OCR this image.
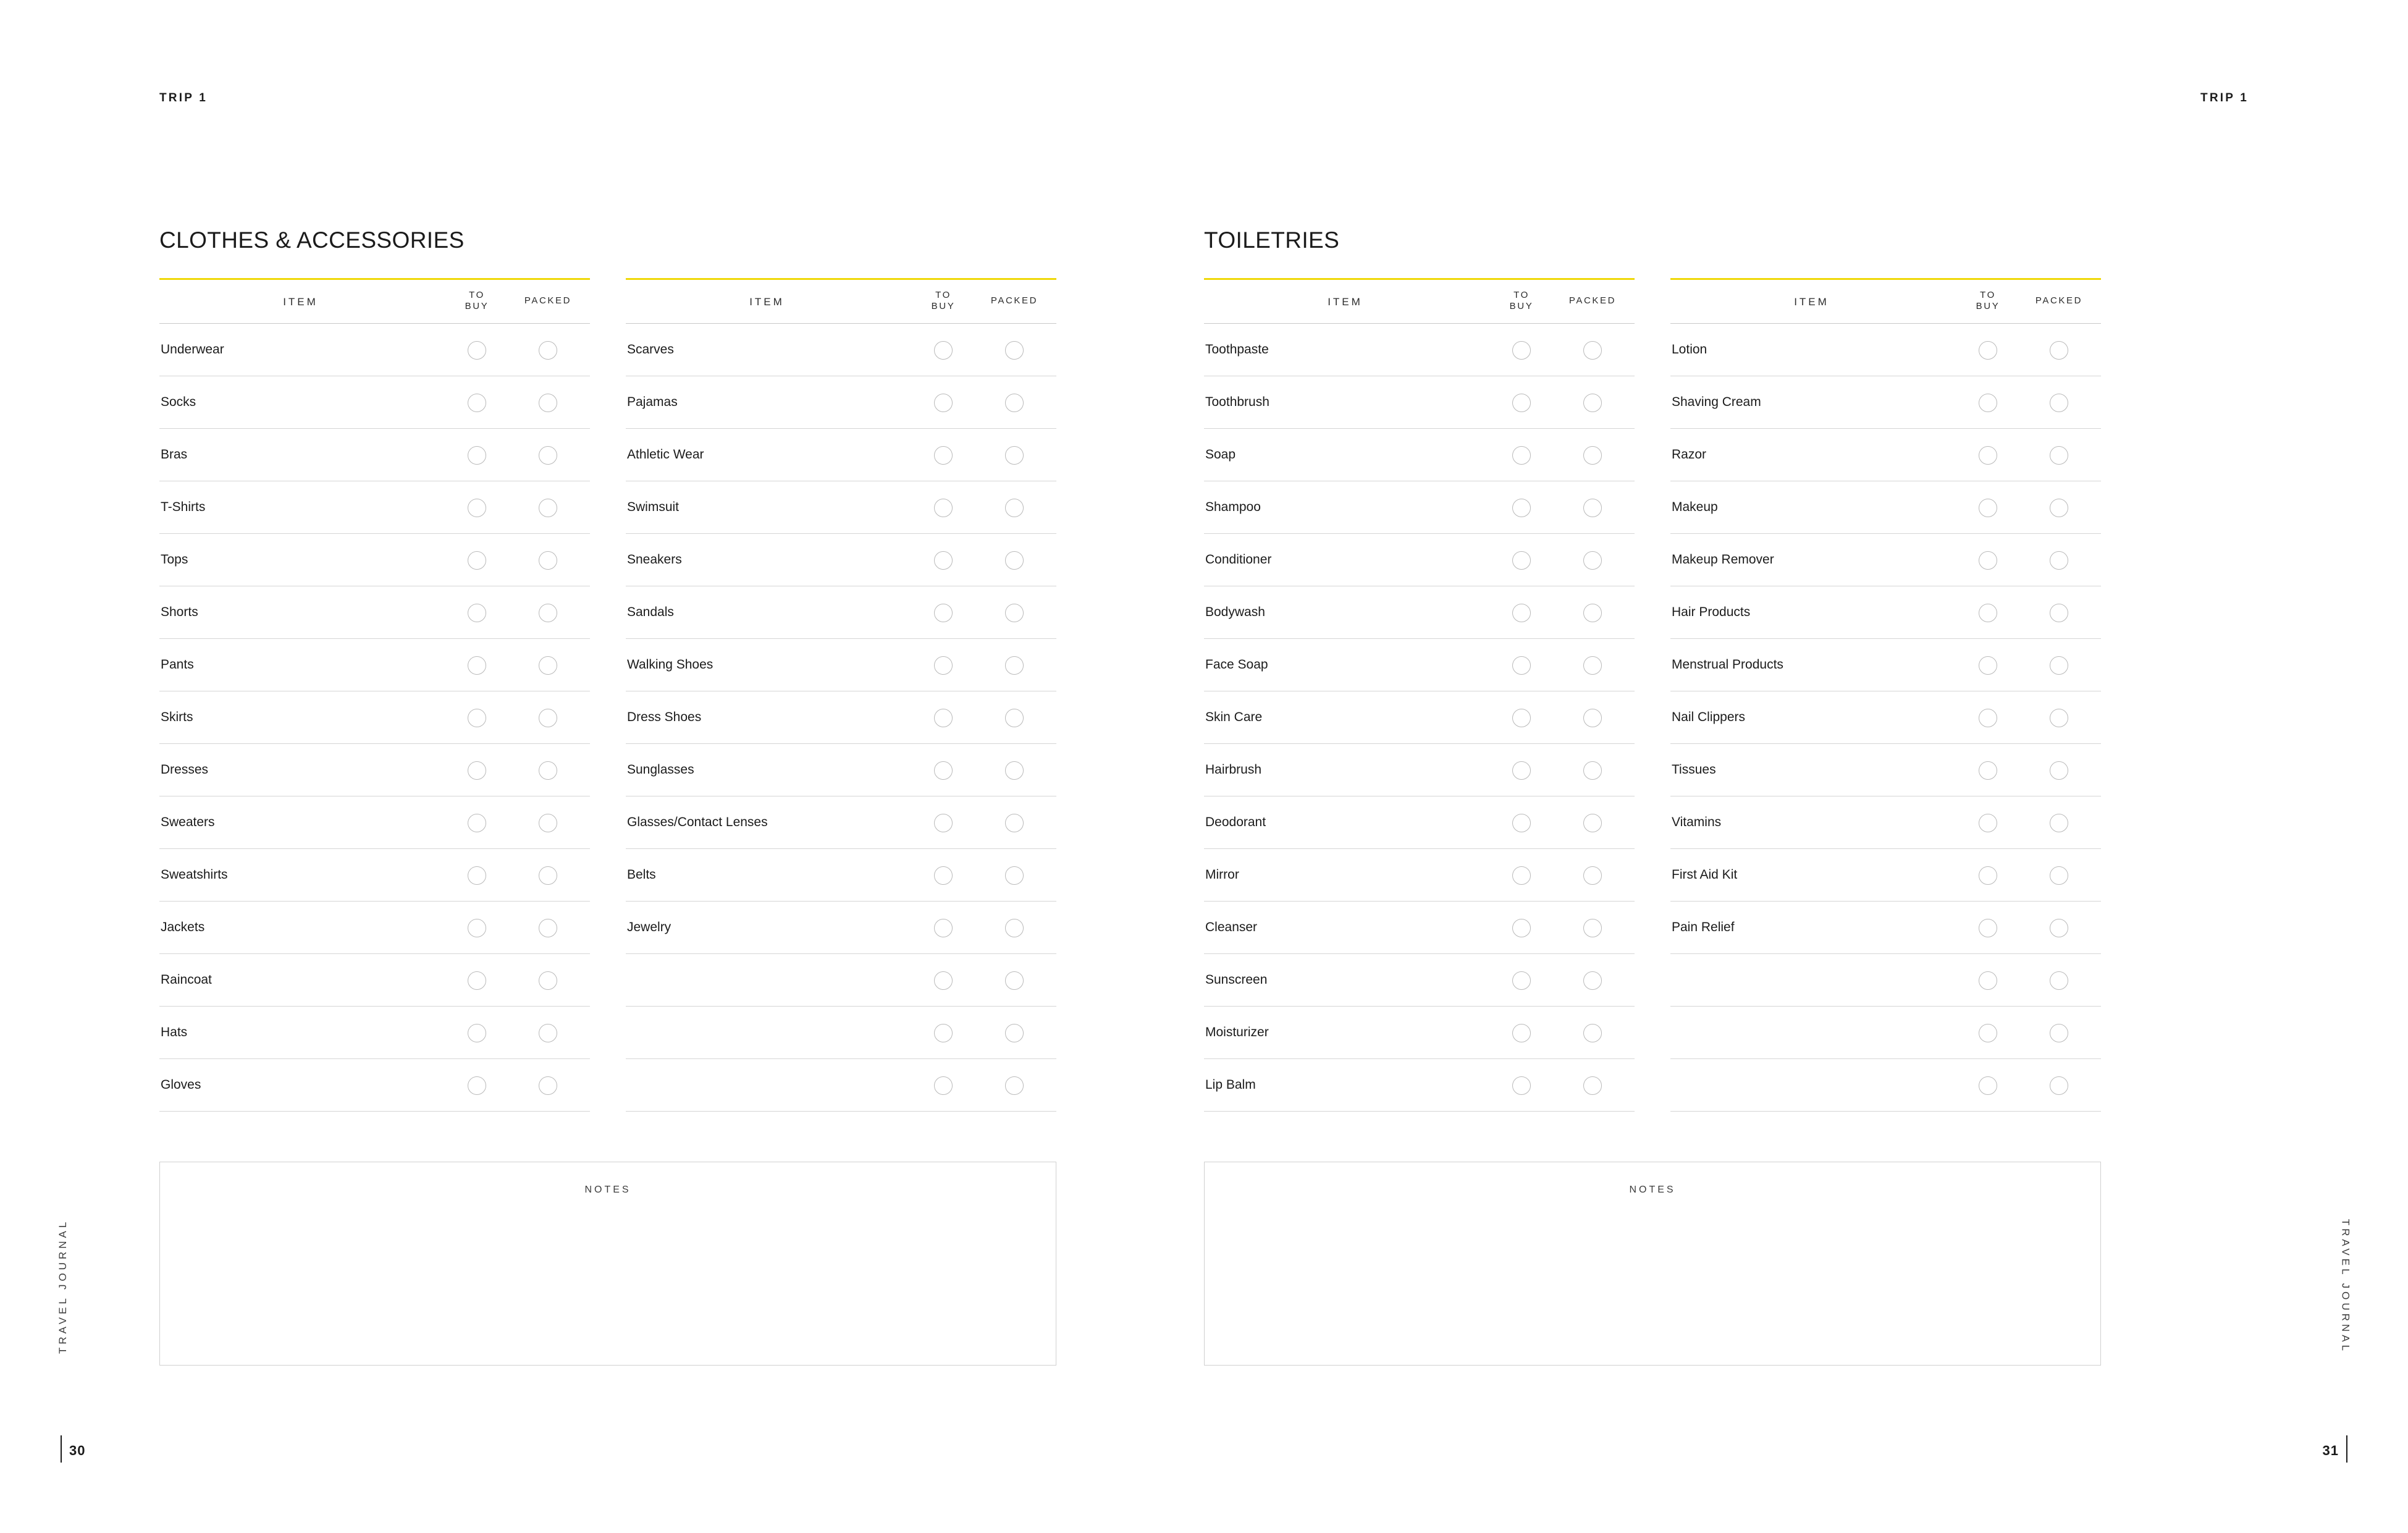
TRIP 1
TRAVEL JOURNAL
30
CLOTHES & ACCESSORIES
ITEM
TO
BUY
PACKED
Underwear
Socks
Bras
T-Shirts
Tops
Shorts
Pants
Skirts
Dresses
Sweaters
Sweatshirts
Jackets
Raincoat
Hats
Gloves
ITEM
TO
BUY
PACKED
Scarves
Pajamas
Athletic Wear
Swimsuit
Sneakers
Sandals
Walking Shoes
Dress Shoes
Sunglasses
Glasses/Contact Lenses
Belts
Jewelry
NOTES
TRIP 1
TRAVEL JOURNAL
31
TOILETRIES
ITEM
TO
BUY
PACKED
Toothpaste
Toothbrush
Soap
Shampoo
Conditioner
Bodywash
Face Soap
Skin Care
Hairbrush
Deodorant
Mirror
Cleanser
Sunscreen
Moisturizer
Lip Balm
ITEM
TO
BUY
PACKED
Lotion
Shaving Cream
Razor
Makeup
Makeup Remover
Hair Products
Menstrual Products
Nail Clippers
Tissues
Vitamins
First Aid Kit
Pain Relief
NOTES
